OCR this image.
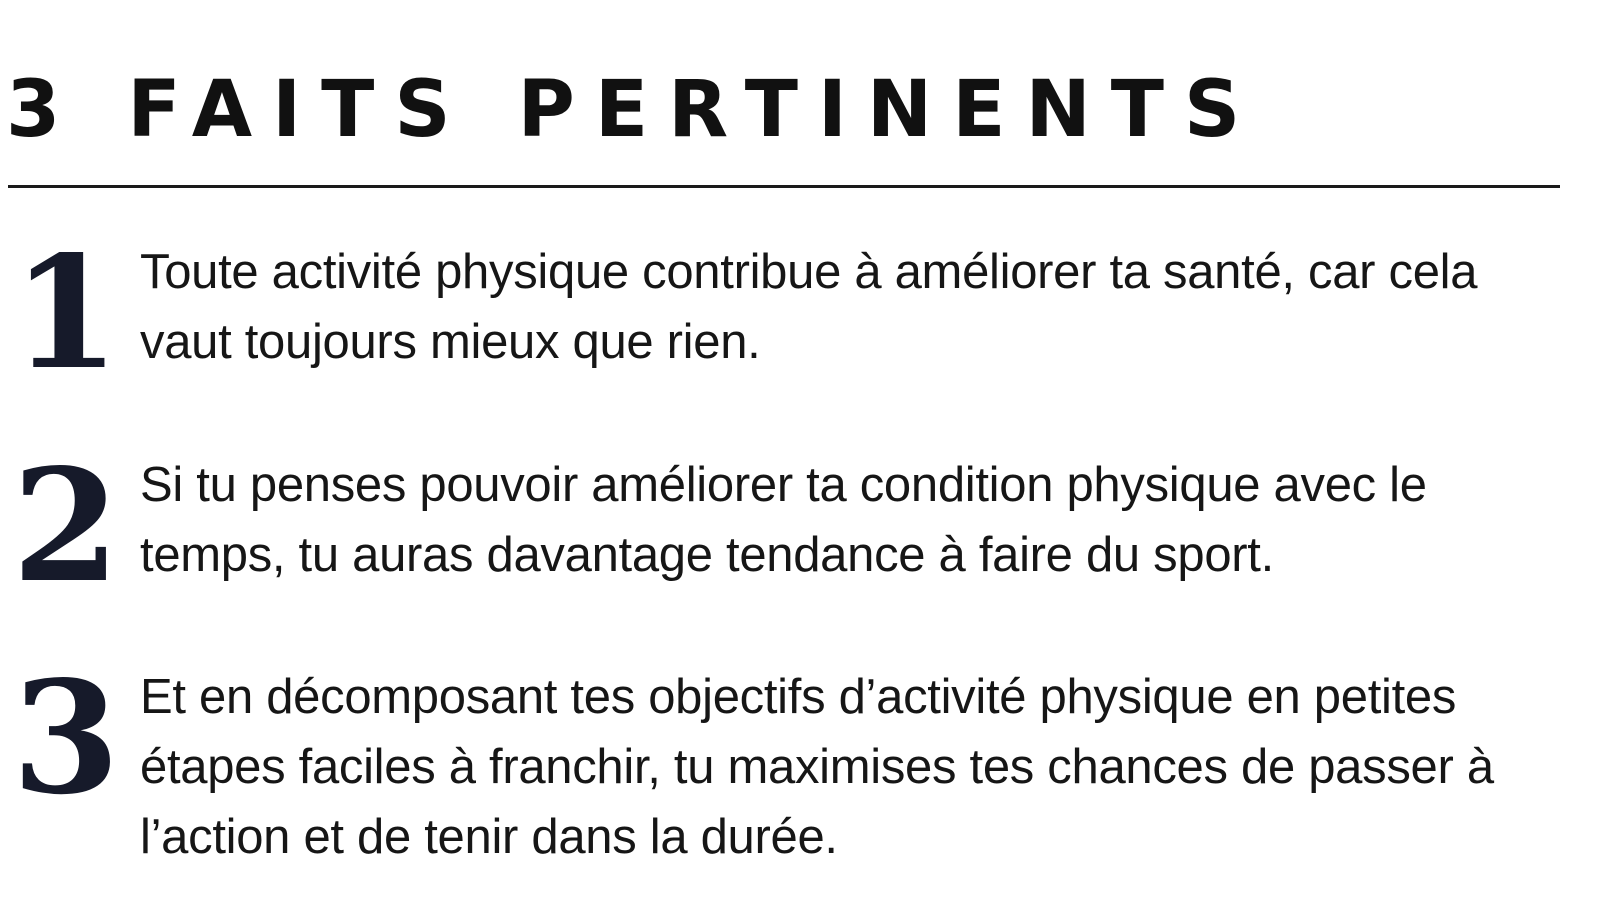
3 FAITS PERTINENTS
1 Toute activité physique contribue à améliorer ta santé, car cela vaut toujours mieux que rien.

2 Si tu penses pouvoir améliorer ta condition physique avec le temps, tu auras davantage tendance à faire du sport.

3 Et en décomposant tes objectifs d’activité physique en petites étapes faciles à franchir, tu maximises tes chances de passer à l’action et de tenir dans la durée.
